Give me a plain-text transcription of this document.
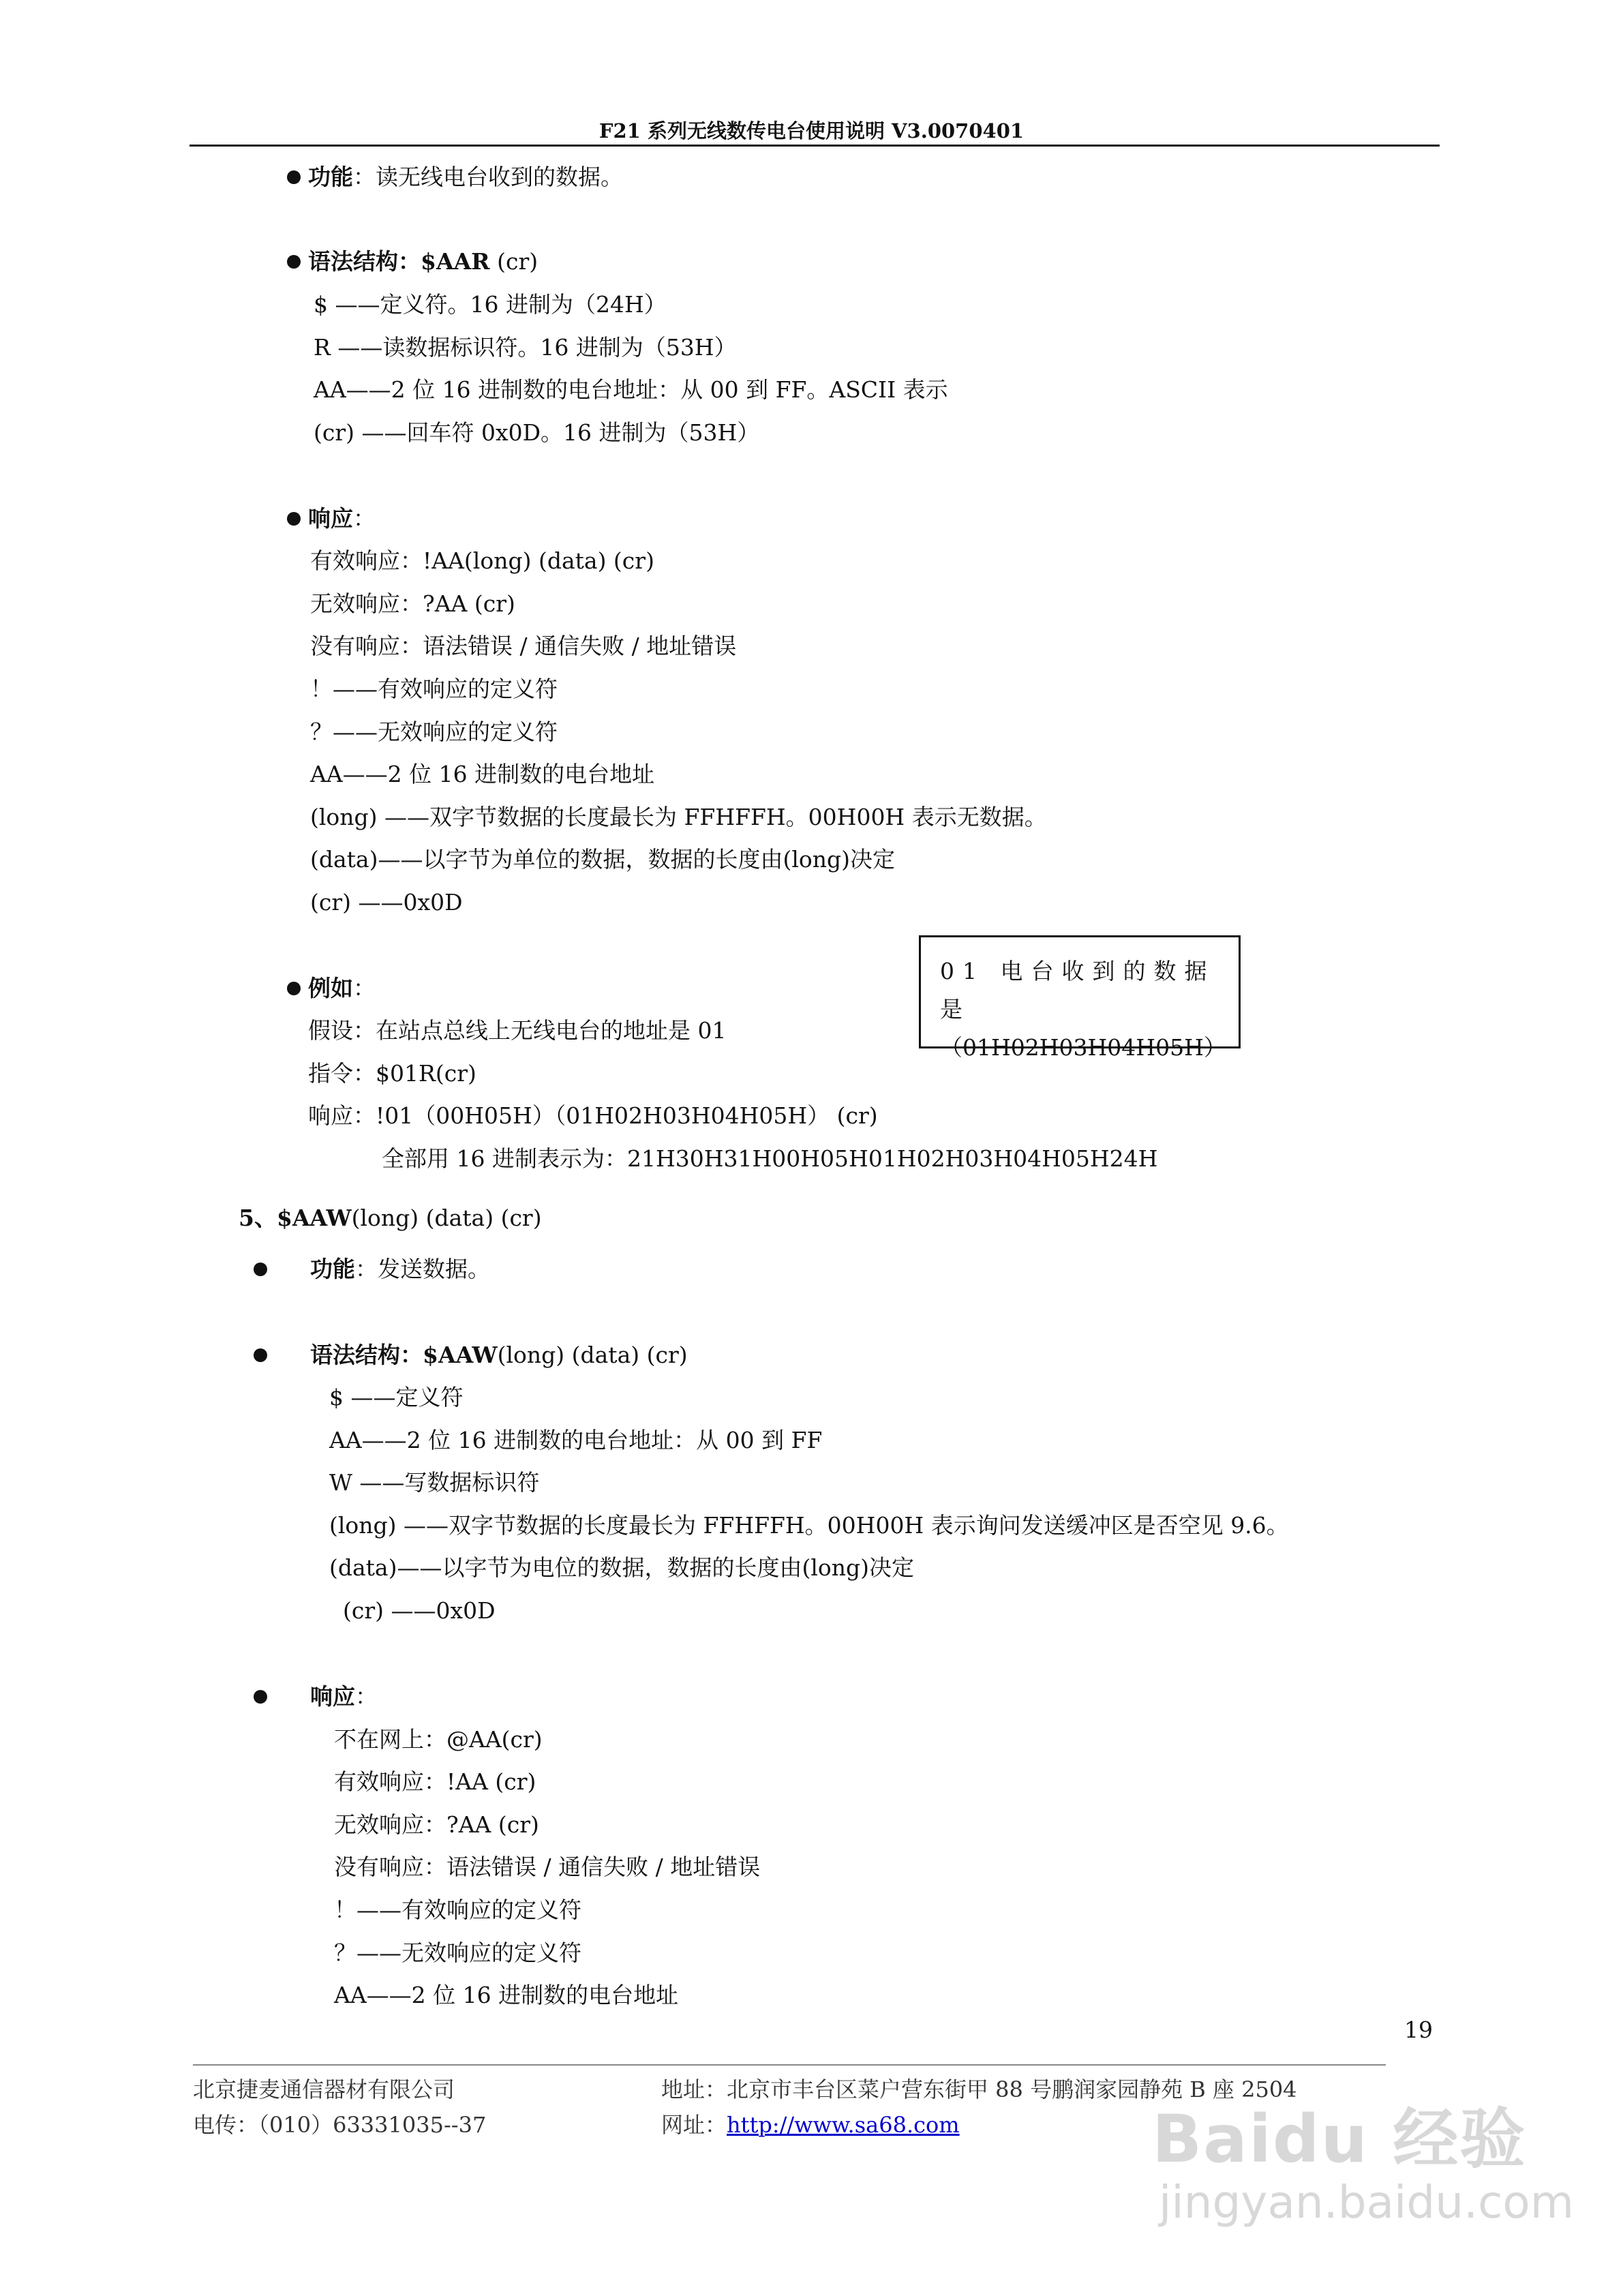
F21 系列无线数传电台使用说明 V3.0070401
功能：读无线电台收到的数据。
语法结构：$AAR (cr)
$ ——定义符。16 进制为（24H）
R ——读数据标识符。16 进制为（53H）
AA——2 位 16 进制数的电台地址：从 00 到 FF。ASCII 表示
(cr) ——回车符 0x0D。16 进制为（53H）
响应：
有效响应：!AA(long) (data) (cr)
无效响应：?AA (cr)
没有响应：语法错误 / 通信失败 / 地址错误
！——有效响应的定义符
？——无效响应的定义符
AA——2 位 16 进制数的电台地址
(long) ——双字节数据的长度最长为 FFHFFH。00H00H 表示无数据。
(data)——以字节为单位的数据，数据的长度由(long)决定
(cr) ——0x0D
例如：
假设：在站点总线上无线电台的地址是 01
指令：$01R(cr)
响应：!01（00H05H）（01H02H03H04H05H） (cr)
全部用 16 进制表示为：21H30H31H00H05H01H02H03H04H05H24H
01 电台收到的数据是
（01H02H03H04H05H）
5、$AAW(long) (data) (cr)
功能：发送数据。
语法结构：$AAW(long) (data) (cr)
$ ——定义符
AA——2 位 16 进制数的电台地址：从 00 到 FF
W ——写数据标识符
(long) ——双字节数据的长度最长为 FFHFFH。00H00H 表示询问发送缓冲区是否空见 9.6。
(data)——以字节为电位的数据，数据的长度由(long)决定
(cr) ——0x0D
响应：
不在网上：@AA(cr)
有效响应：!AA (cr)
无效响应：?AA (cr)
没有响应：语法错误 / 通信失败 / 地址错误
！——有效响应的定义符
？——无效响应的定义符
AA——2 位 16 进制数的电台地址
19
北京捷麦通信器材有限公司
电传：（010）63331035--37
地址：北京市丰台区菜户营东街甲 88 号鹏润家园静苑 B 座 2504
网址：http://www.sa68.com	Baidu 经验
jingyan.baidu.com
